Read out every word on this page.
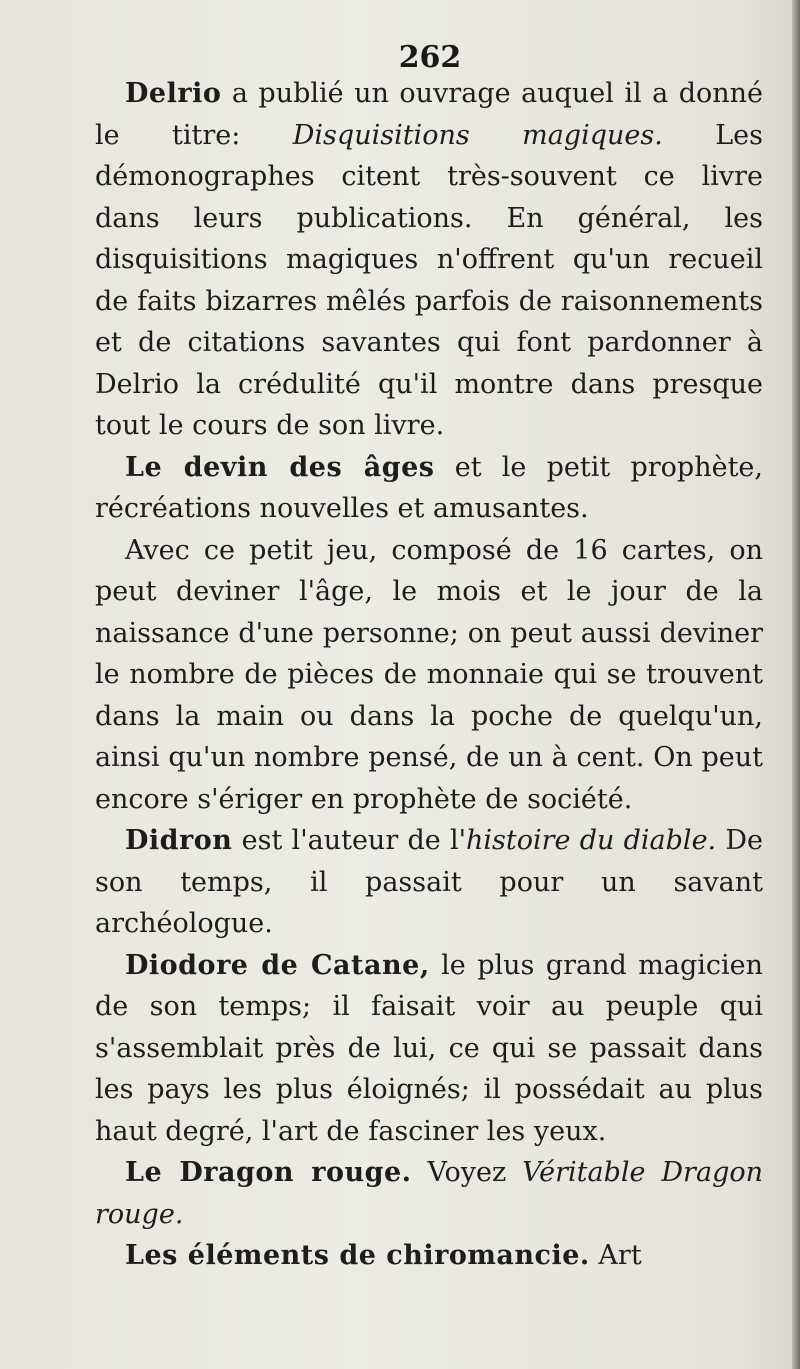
262

Delrio a publié un ouvrage auquel il a donné le titre: Disquisitions magiques. Les démonographes citent très-souvent ce livre dans leurs publications. En général, les disquisitions magiques n'offrent qu'un recueil de faits bizarres mêlés parfois de raisonnements et de citations savantes qui font pardonner à Delrio la crédulité qu'il montre dans presque tout le cours de son livre.

Le devin des âges et le petit prophète, récréations nouvelles et amusantes.

Avec ce petit jeu, composé de 16 cartes, on peut deviner l'âge, le mois et le jour de la naissance d'une personne; on peut aussi deviner le nombre de pièces de monnaie qui se trouvent dans la main ou dans la poche de quelqu'un, ainsi qu'un nombre pensé, de un à cent. On peut encore s'ériger en prophète de société.

Didron est l'auteur de l'histoire du diable. De son temps, il passait pour un savant archéologue.

Diodore de Catane, le plus grand magicien de son temps; il faisait voir au peuple qui s'assemblait près de lui, ce qui se passait dans les pays les plus éloignés; il possédait au plus haut degré, l'art de fasciner les yeux.

Le Dragon rouge. Voyez Véritable Dragon rouge.

Les éléments de chiromancie. Art
